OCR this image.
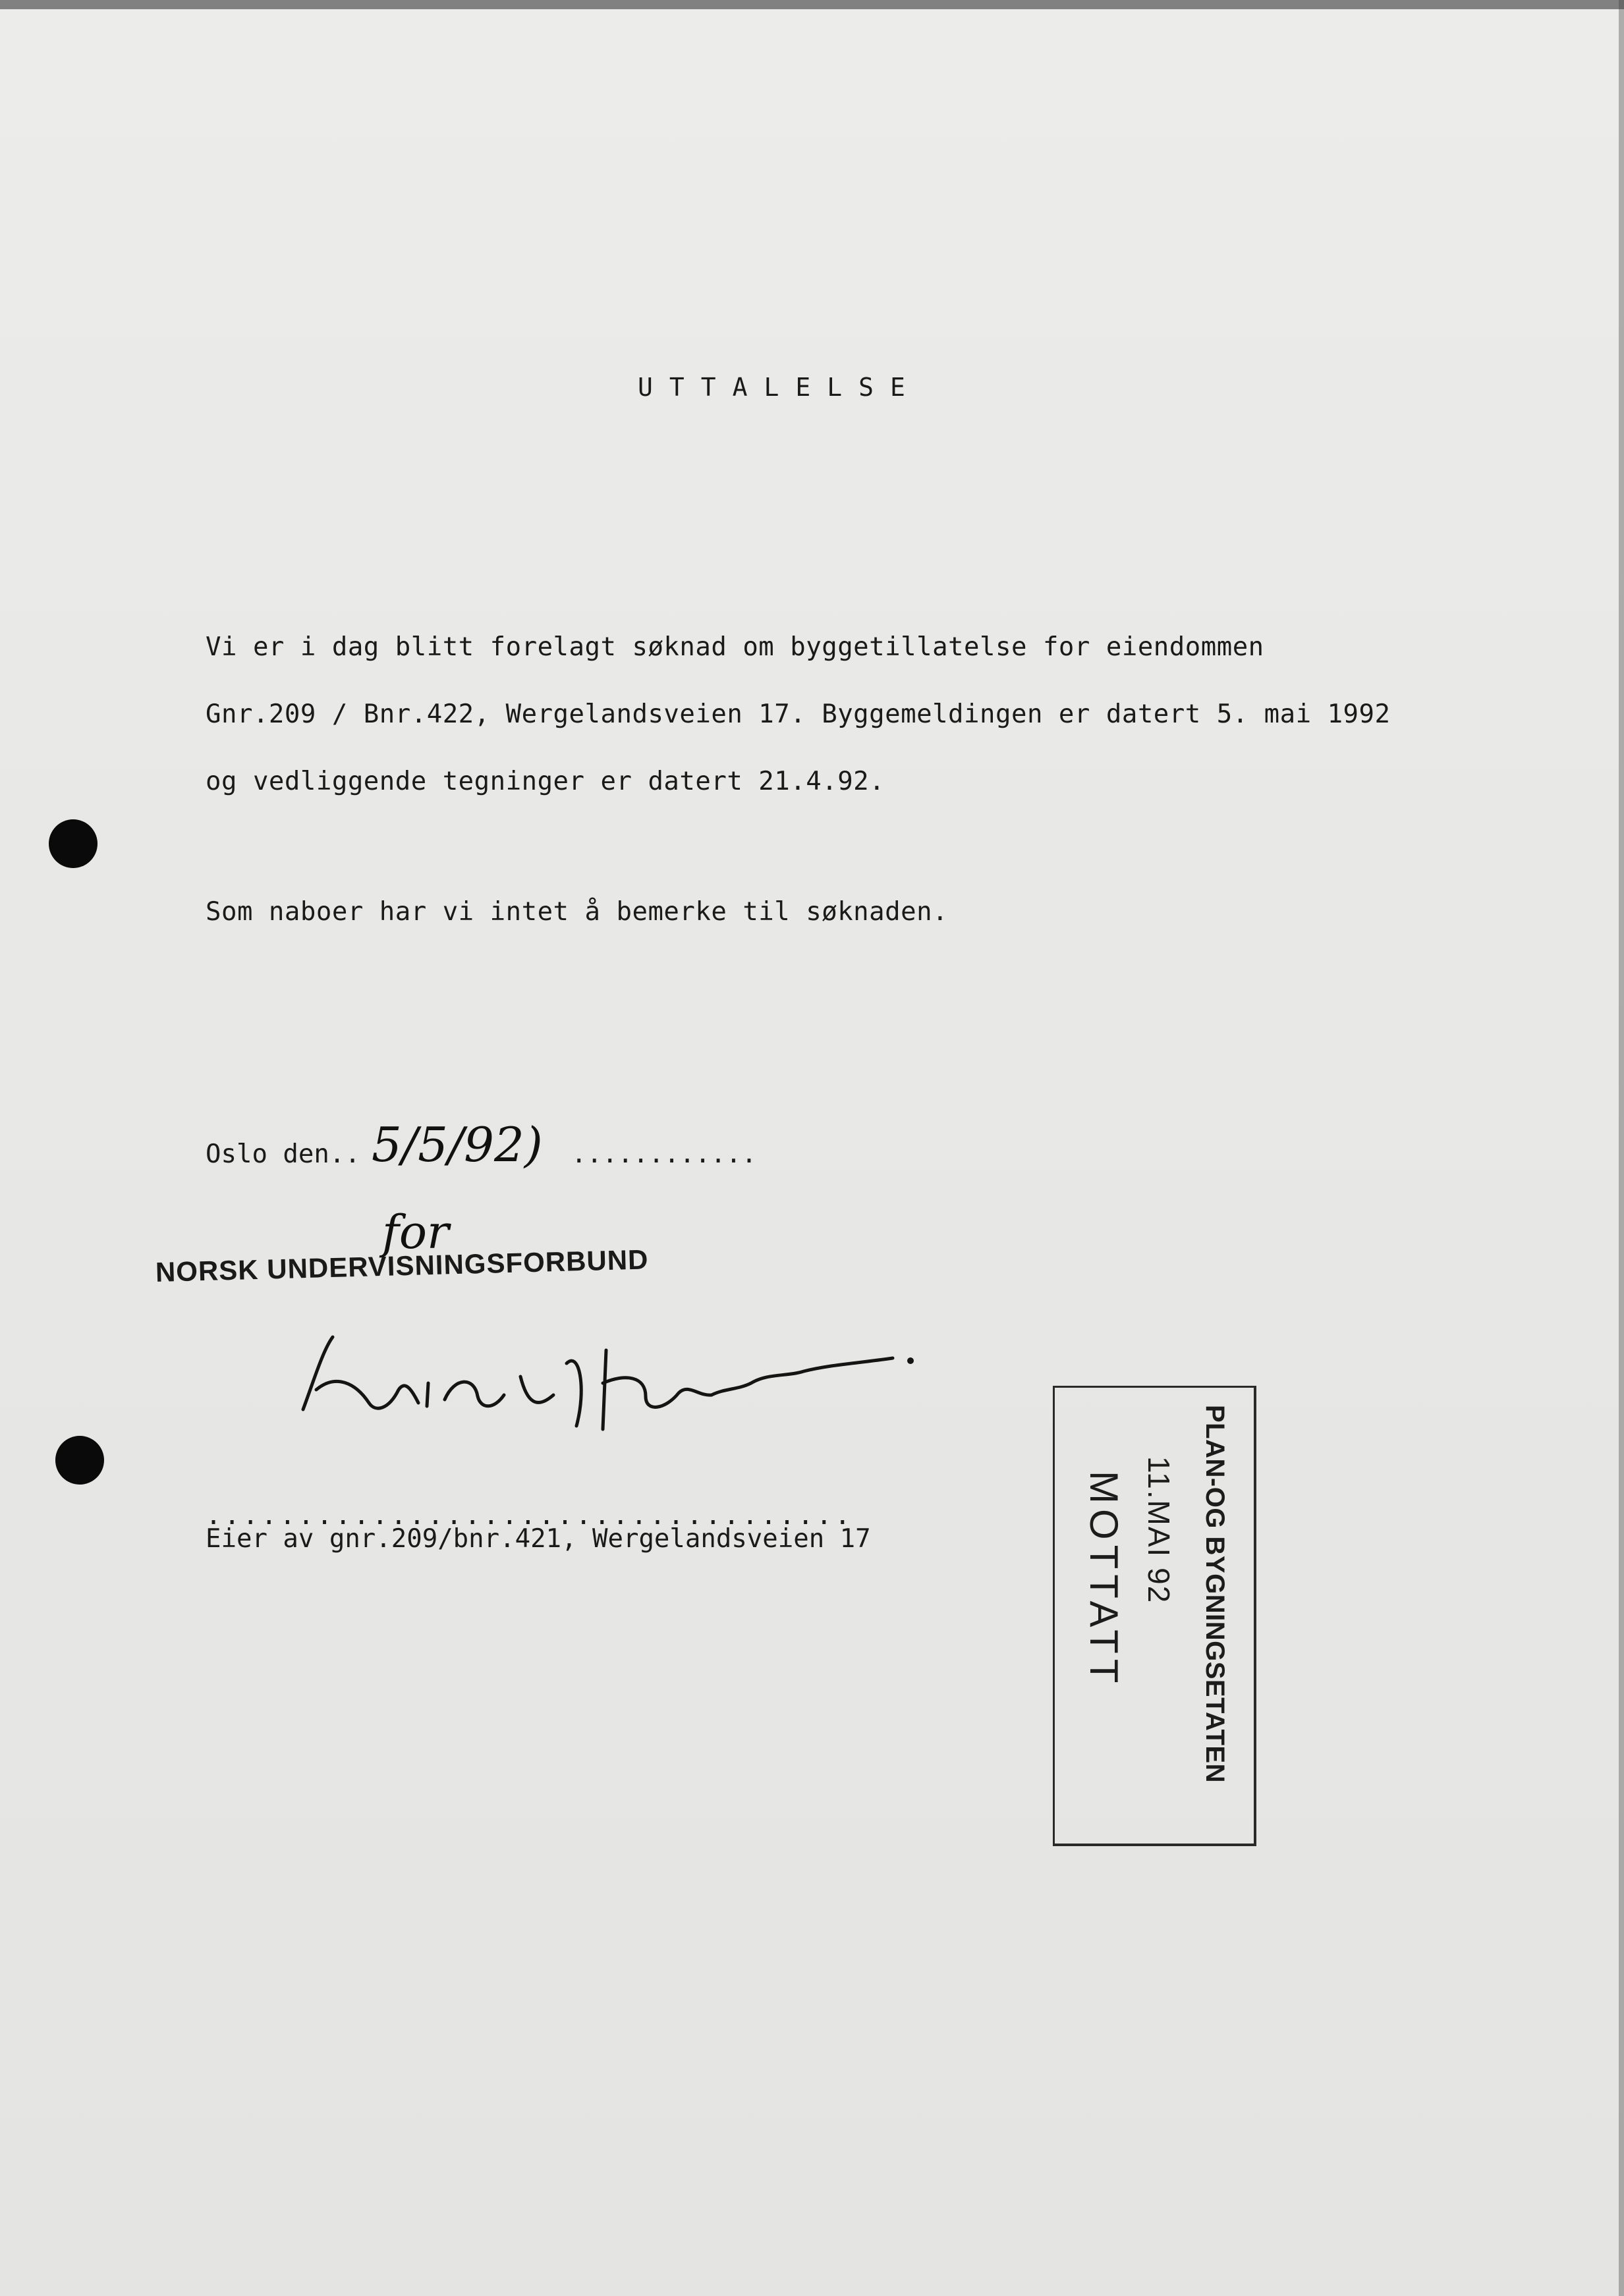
UTTALELSE
Vi er i dag blitt forelagt søknad om byggetillatelse for eiendommen
Gnr.209 / Bnr.422, Wergelandsveien 17. Byggemeldingen er datert 5. mai 1992
og vedliggende tegninger er datert 21.4.92.
Som naboer har vi intet å bemerke til søknaden.
Oslo den.. 5/5/92) ............
for
NORSK UNDERVISNINGSFORBUND
...................................
Eier av gnr.209/bnr.421, Wergelandsveien 17	PLAN-OG BYGNINGSETATEN
11.MAI 92
MOTTATT
